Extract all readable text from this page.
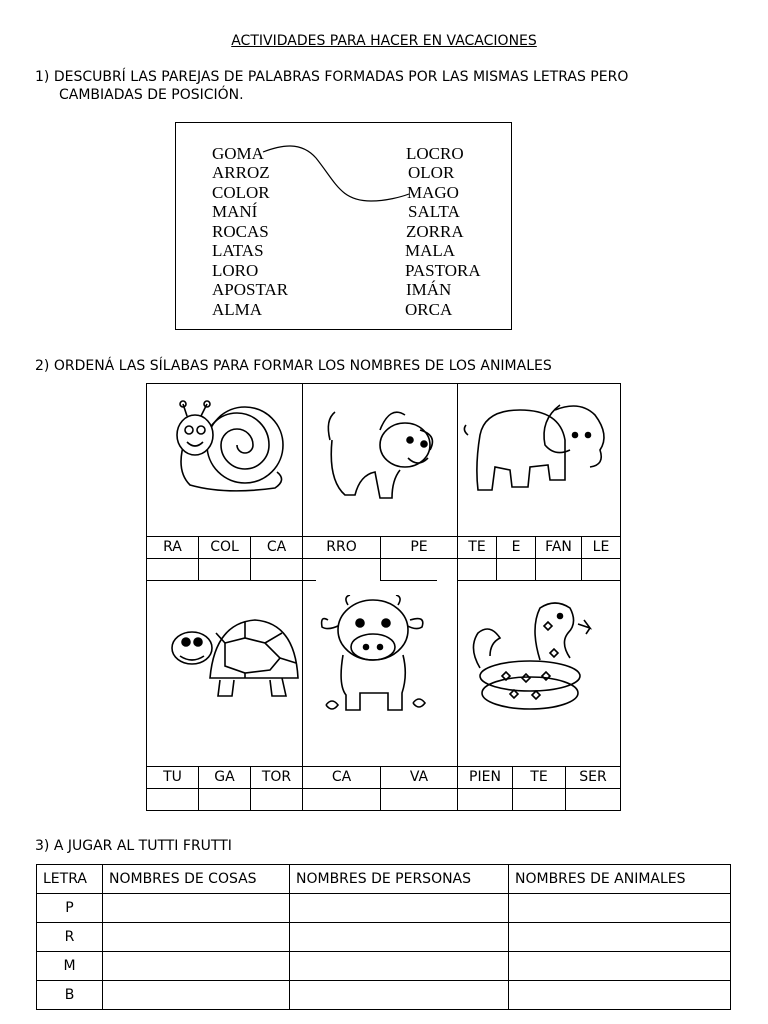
ACTIVIDADES PARA HACER EN VACACIONES
1) DESCUBRÍ LAS PAREJAS DE PALABRAS FORMADAS POR LAS MISMAS LETRAS PERO
CAMBIADAS DE POSICIÓN.
GOMA
ARROZ
COLOR
MANÍ
ROCAS
LATAS
LORO
APOSTAR
ALMA
LOCRO
OLOR
MAGO
SALTA
ZORRA
MALA
PASTORA
IMÁN
ORCA
2) ORDENÁ LAS SÍLABAS PARA FORMAR LOS NOMBRES DE LOS ANIMALES
RA	COL	CA	RRO	PE	TE	E	FAN	LE
TU	GA	TOR	CA	VA	PIEN	TE	SER
3) A JUGAR AL TUTTI FRUTTI
LETRA	NOMBRES DE COSAS	NOMBRES DE PERSONAS	NOMBRES DE ANIMALES
P			
R			
M			
B			
